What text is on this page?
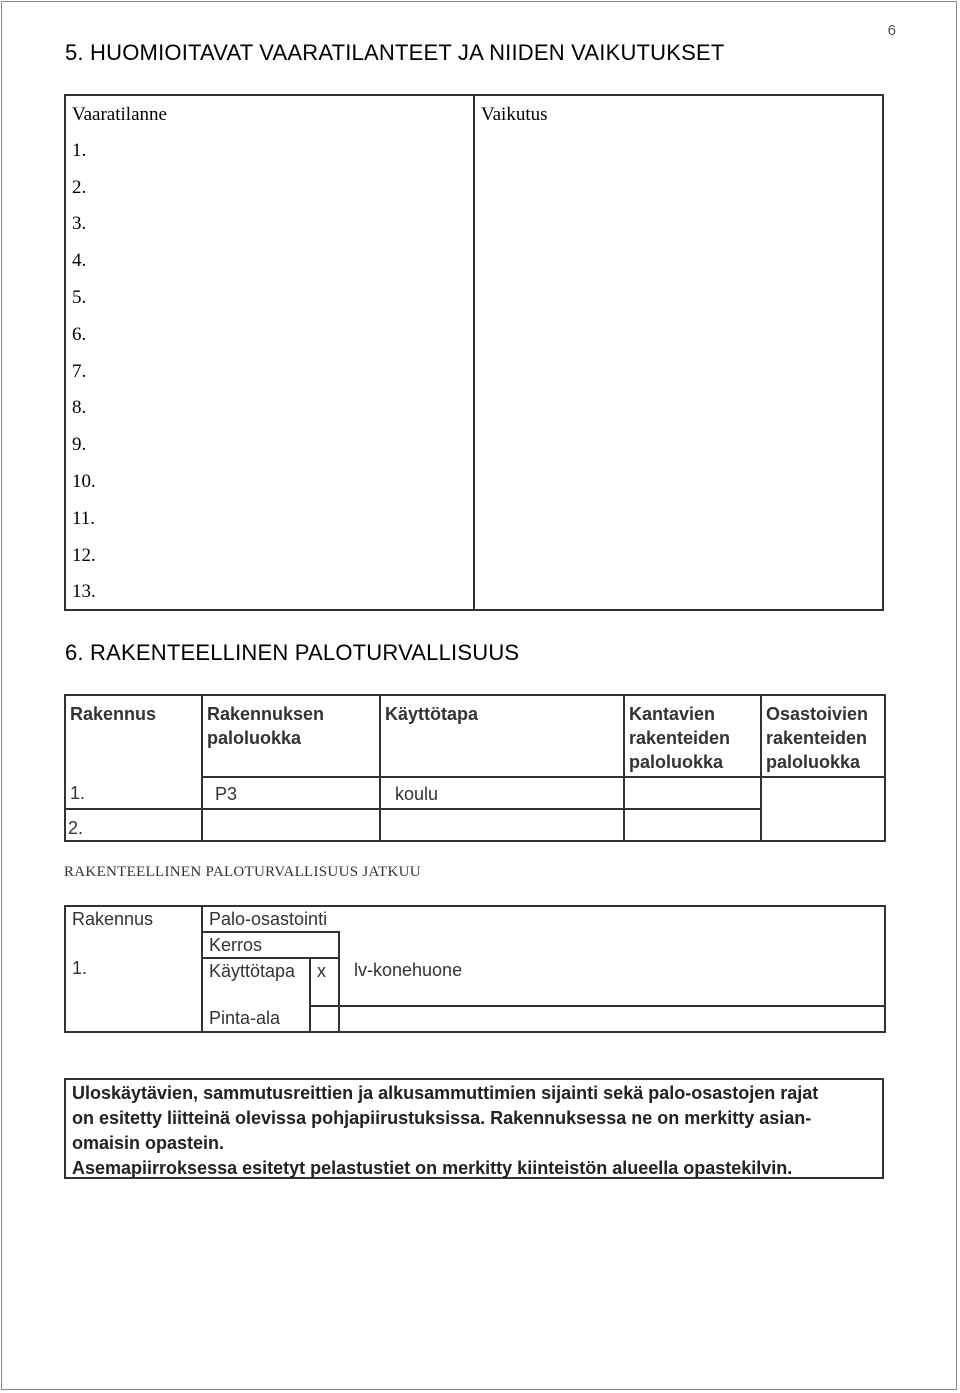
6
5. HUOMIOITAVAT VAARATILANTEET JA NIIDEN VAIKUTUKSET
Vaaratilanne	Vaikutus
1.	
2.	
3.	
4.	
5.	
6.	
7.	
8.	
9.	
10.	
11.	
12.	
13.	
6. RAKENTEELLINEN PALOTURVALLISUUS
Rakennus	Rakennuksen paloluokka	Käyttötapa	Kantavien rakenteiden paloluokka	Osastoivien rakenteiden paloluokka
1.	P3	koulu		
2.				
RAKENTEELLINEN PALOTURVALLISUUS JATKUU
Rakennus
1.	Palo-osastointi		
	Kerros		
	Käyttötapa	x	lv-konehuone
	Pinta-ala		
Uloskäytävien, sammutusreittien ja alkusammuttimien sijainti sekä palo-osastojen rajat
on esitetty liitteinä olevissa pohjapiirustuksissa. Rakennuksessa ne on merkitty asian-
omaisin opastein.
Asemapiirroksessa esitetyt pelastustiet on merkitty kiinteistön alueella opastekilvin.
